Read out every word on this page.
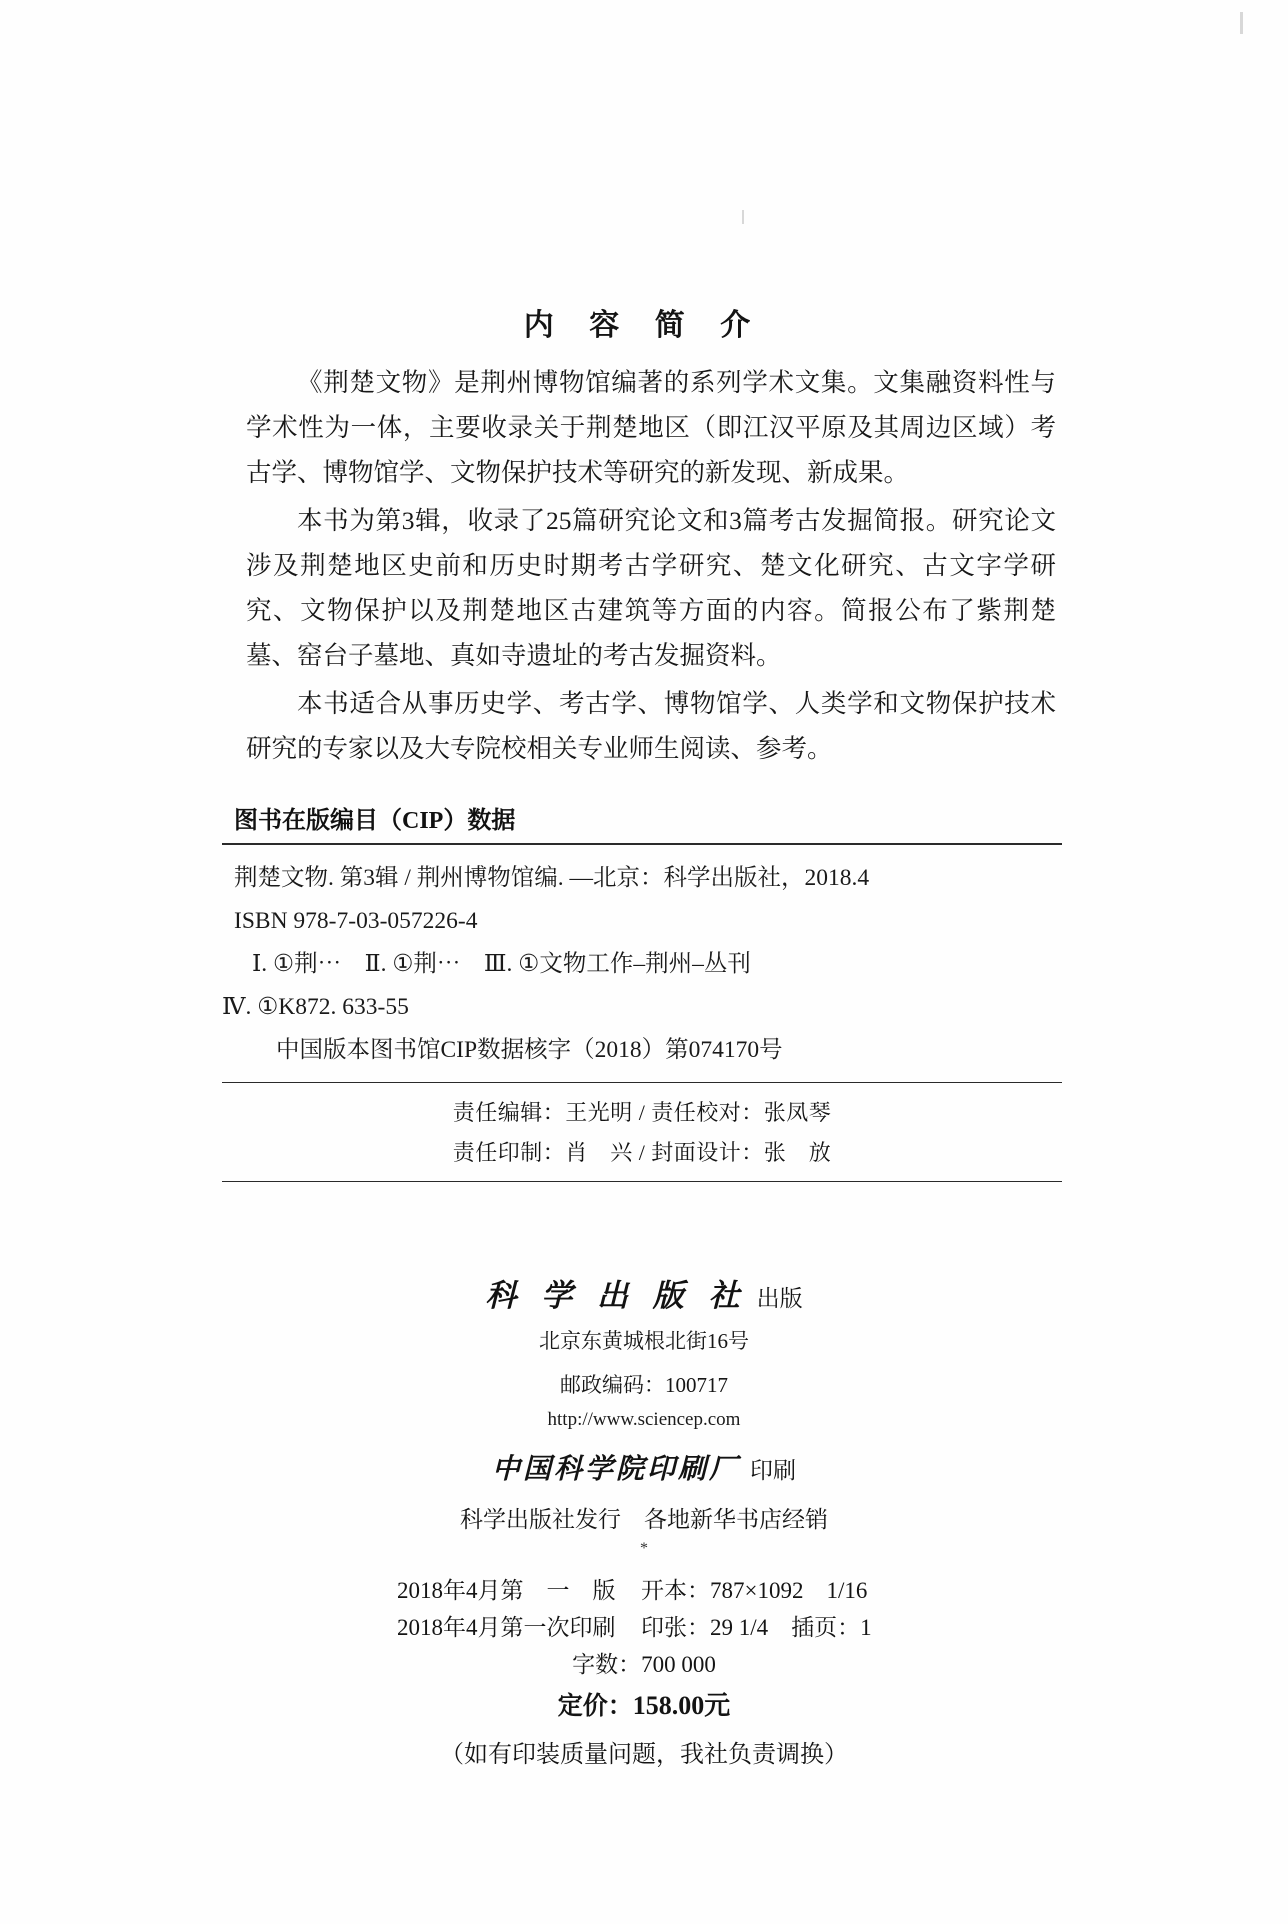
内 容 简 介

《荆楚文物》是荆州博物馆编著的系列学术文集。文集融资料性与学术性为一体，主要收录关于荆楚地区（即江汉平原及其周边区域）考古学、博物馆学、文物保护技术等研究的新发现、新成果。

本书为第3辑，收录了25篇研究论文和3篇考古发掘简报。研究论文涉及荆楚地区史前和历史时期考古学研究、楚文化研究、古文字学研究、文物保护以及荆楚地区古建筑等方面的内容。简报公布了紫荆楚墓、窑台子墓地、真如寺遗址的考古发掘资料。

本书适合从事历史学、考古学、博物馆学、人类学和文物保护技术研究的专家以及大专院校相关专业师生阅读、参考。

图书在版编目（CIP）数据
荆楚文物. 第3辑 / 荆州博物馆编. —北京：科学出版社，2018.4
ISBN 978-7-03-057226-4
Ⅰ. ①荆⋯　Ⅱ. ①荆⋯　Ⅲ. ①文物工作–荆州–丛刊
Ⅳ. ①K872. 633-55
中国版本图书馆CIP数据核字（2018）第074170号
责任编辑：王光明 / 责任校对：张凤琴
责任印制：肖　兴 / 封面设计：张　放
科 学 出 版 社 出版
北京东黄城根北街16号
邮政编码：100717
http://www.sciencep.com
中国科学院印刷厂 印刷
科学出版社发行　各地新华书店经销
*
2018年4月第　一　版	开本：787×1092　1/16
2018年4月第一次印刷	印张：29 1/4　插页：1
字数：700 000
定价：158.00元
（如有印装质量问题，我社负责调换）
